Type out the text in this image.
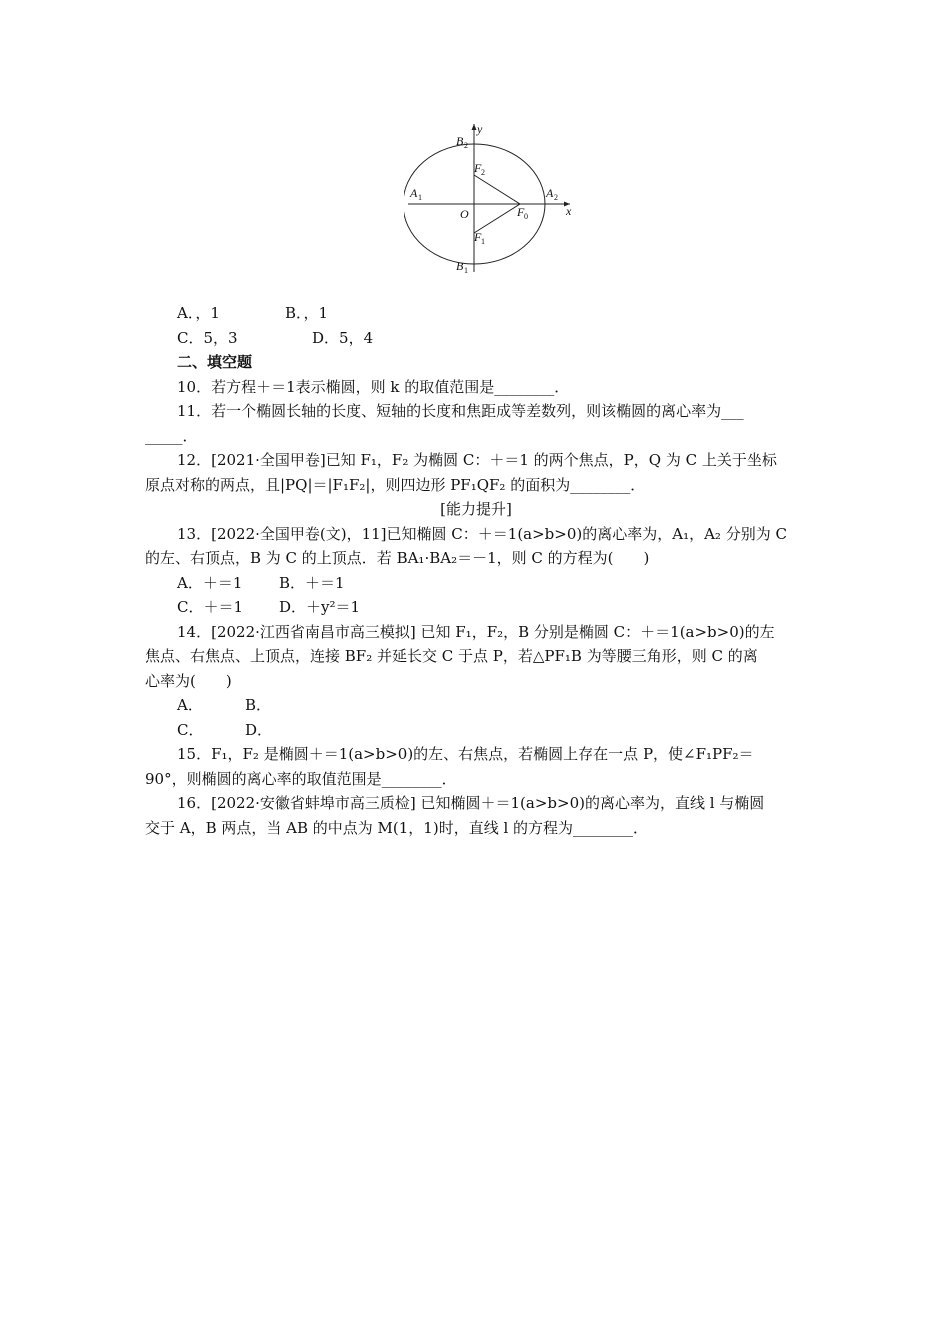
y
x
B 2
B 1
A 1	A 2
F 2
F 1
F 0
O
A．，1	B．，1
C．5，3	D．5，4
二、填空题
10．若方程＋＝1表示椭圆，则 k 的取值范围是________．
11．若一个椭圆长轴的长度、短轴的长度和焦距成等差数列，则该椭圆的离心率为___
_____．
12．[2021·全国甲卷]已知 F₁，F₂ 为椭圆 C：＋＝1 的两个焦点，P，Q 为 C 上关于坐标
原点对称的两点，且|PQ|＝|F₁F₂|，则四边形 PF₁QF₂ 的面积为________．
[能力提升]
13．[2022·全国甲卷(文)，11]已知椭圆 C：＋＝1(a>b>0)的离心率为，A₁，A₂ 分别为 C
的左、右顶点，B 为 C 的上顶点．若 BA₁·BA₂＝－1，则 C 的方程为(　　)
A．＋＝1 B．＋＝1
C．＋＝1 D．＋y²＝1
14．[2022·江西省南昌市高三模拟] 已知 F₁，F₂，B 分别是椭圆 C：＋＝1(a>b>0)的左
焦点、右焦点、上顶点，连接 BF₂ 并延长交 C 于点 P，若△PF₁B 为等腰三角形，则 C 的离
心率为(　　)
A．	B．
C．	D．
15．F₁，F₂ 是椭圆＋＝1(a>b>0)的左、右焦点，若椭圆上存在一点 P，使∠F₁PF₂＝
90°，则椭圆的离心率的取值范围是________．
16．[2022·安徽省蚌埠市高三质检] 已知椭圆＋＝1(a>b>0)的离心率为，直线 l 与椭圆
交于 A，B 两点，当 AB 的中点为 M(1，1)时，直线 l 的方程为________．
